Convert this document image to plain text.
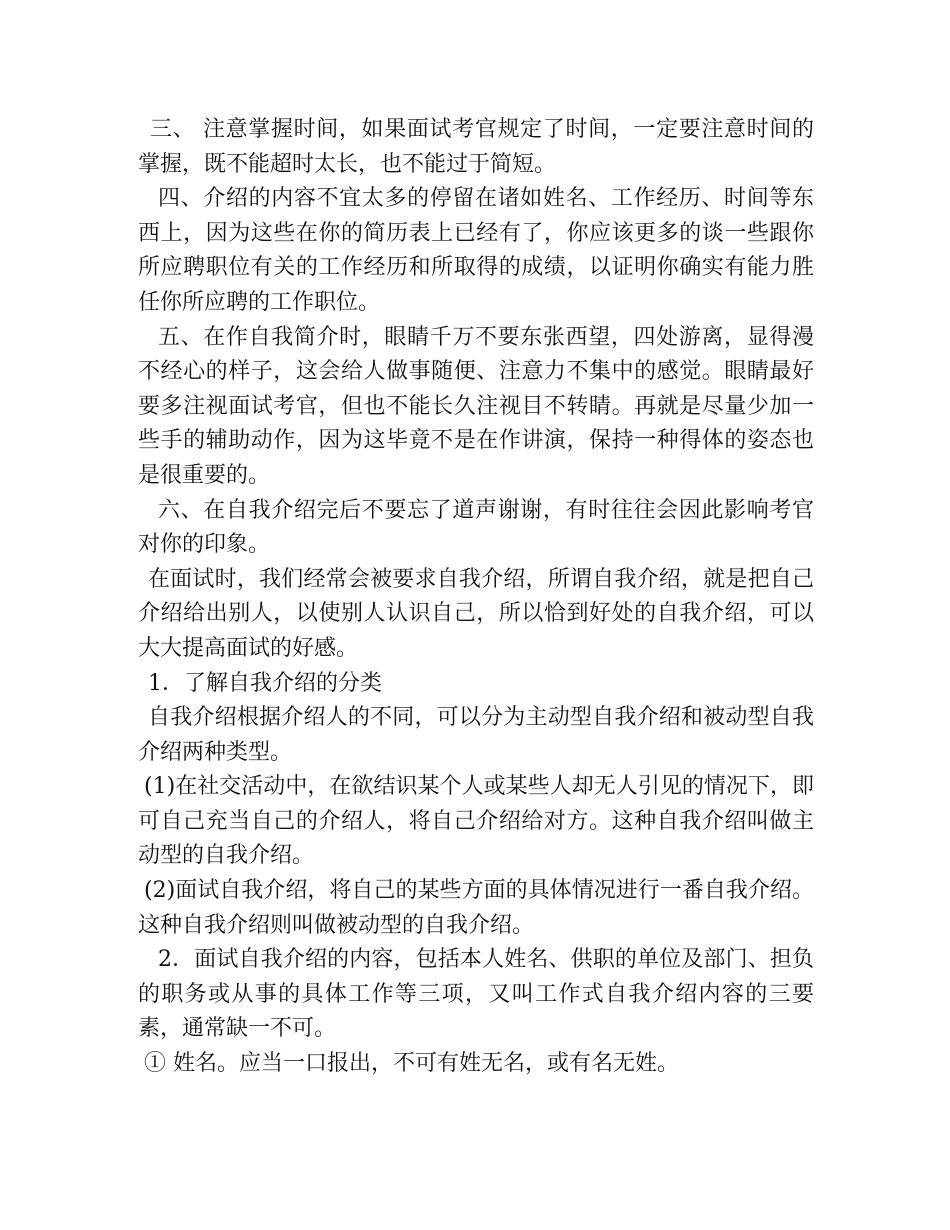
三、 注意掌握时间，如果面试考官规定了时间，一定要注意时间的掌握，既不能超时太长，也不能过于简短。

四、介绍的内容不宜太多的停留在诸如姓名、工作经历、时间等东西上，因为这些在你的简历表上已经有了，你应该更多的谈一些跟你所应聘职位有关的工作经历和所取得的成绩，以证明你确实有能力胜任你所应聘的工作职位。

五、在作自我简介时，眼睛千万不要东张西望，四处游离，显得漫不经心的样子，这会给人做事随便、注意力不集中的感觉。眼睛最好要多注视面试考官，但也不能长久注视目不转睛。再就是尽量少加一些手的辅助动作，因为这毕竟不是在作讲演，保持一种得体的姿态也是很重要的。

六、在自我介绍完后不要忘了道声谢谢，有时往往会因此影响考官对你的印象。

在面试时，我们经常会被要求自我介绍，所谓自我介绍，就是把自己介绍给出别人，以使别人认识自己，所以恰到好处的自我介绍，可以大大提高面试的好感。

1．了解自我介绍的分类

自我介绍根据介绍人的不同，可以分为主动型自我介绍和被动型自我介绍两种类型。

(1)在社交活动中，在欲结识某个人或某些人却无人引见的情况下，即可自己充当自己的介绍人，将自己介绍给对方。这种自我介绍叫做主动型的自我介绍。

(2)面试自我介绍，将自己的某些方面的具体情况进行一番自我介绍。这种自我介绍则叫做被动型的自我介绍。

2．面试自我介绍的内容，包括本人姓名、供职的单位及部门、担负的职务或从事的具体工作等三项，又叫工作式自我介绍内容的三要素，通常缺一不可。

① 姓名。应当一口报出，不可有姓无名，或有名无姓。
